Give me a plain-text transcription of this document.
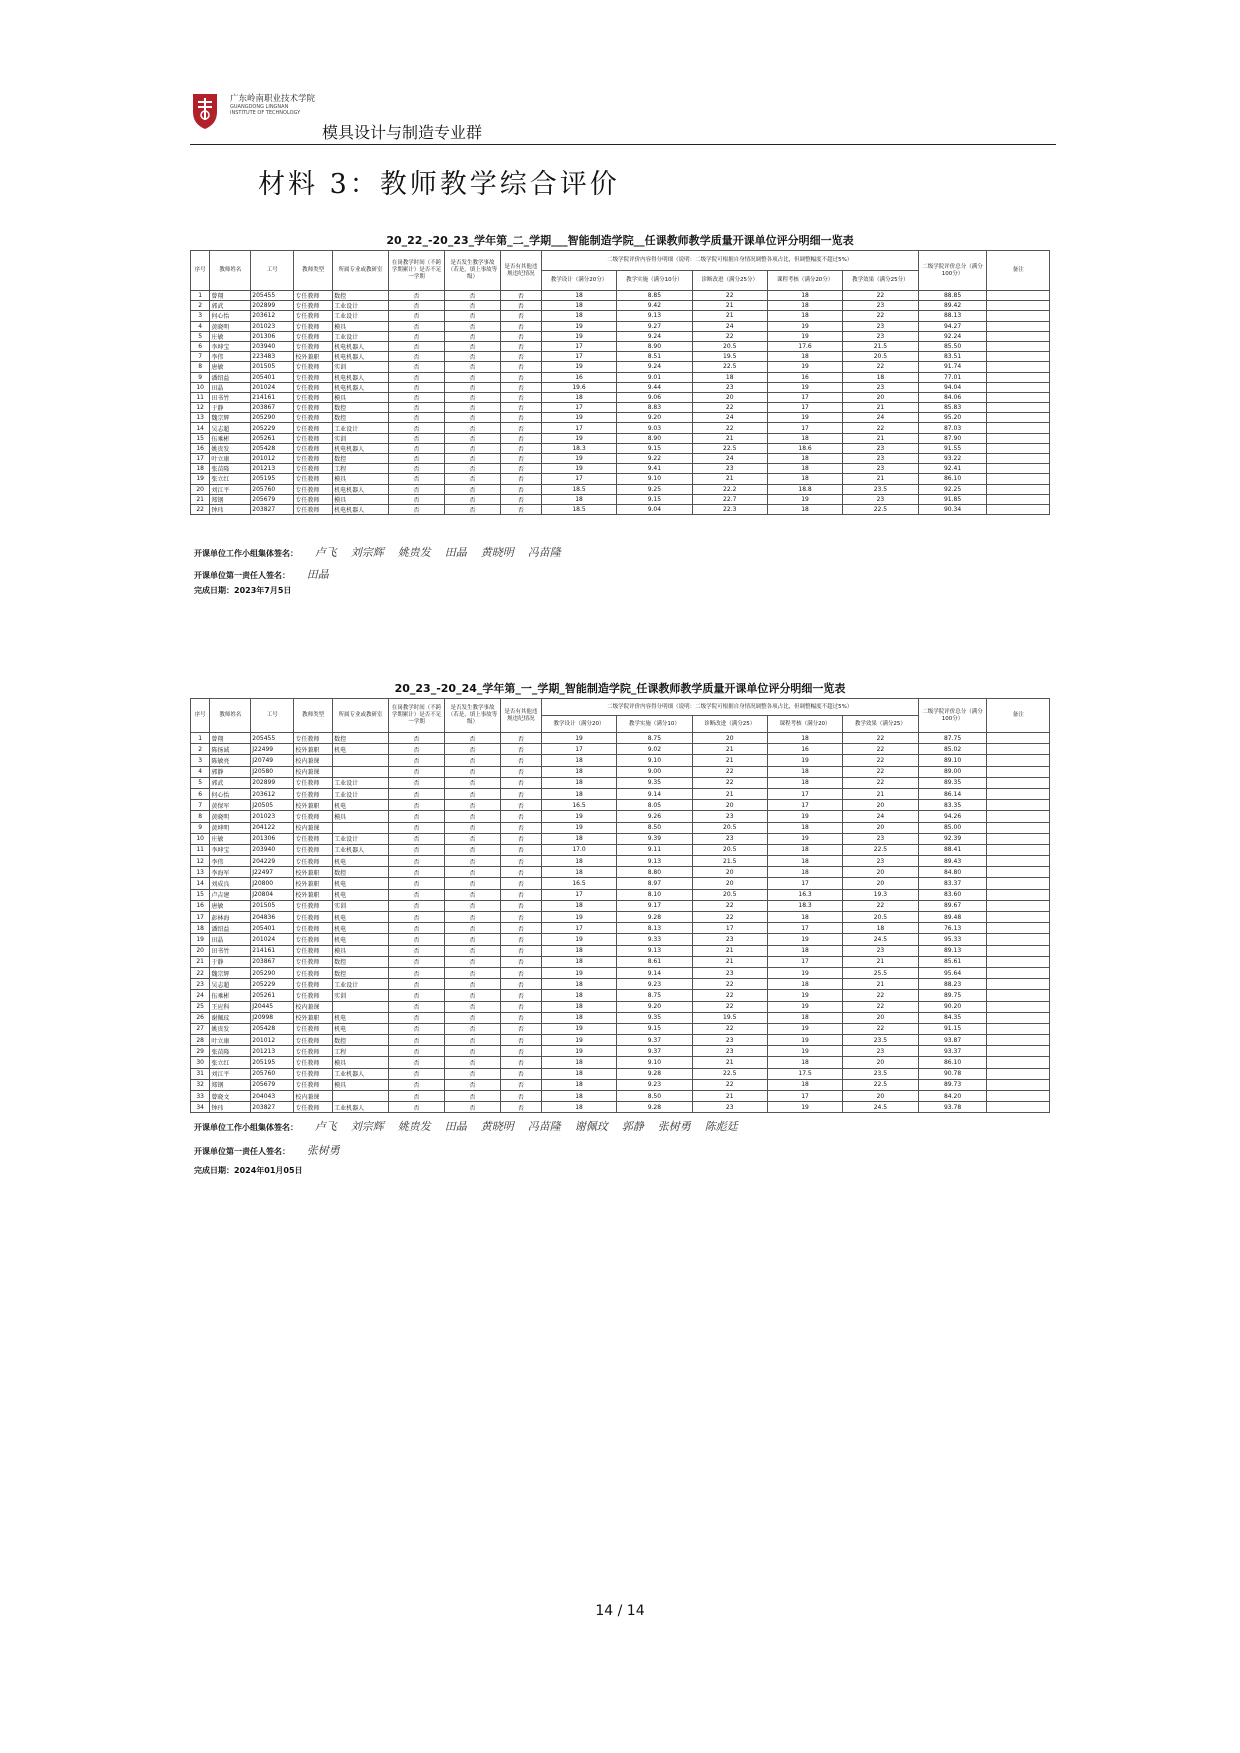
广东岭南职业技术学院
GUANGDONG LINGNAN
INSTITUTE OF TECHNOLOGY
模具设计与制造专业群
材料 3：教师教学综合评价
20_22_-20_23_学年第_二_学期___智能制造学院__任课教师教学质量开课单位评分明细一览表
序号	教师姓名	工号	教师类型	所属专业或教研室	在岗教学时间（不跨学期累计）是否不足一学期	是否发生教学事故（若是，填上事故等级）	是否有其他违规违纪情况	二级学院评价内容得分明细（说明：二级学院可根据自身情况调整各项占比，但调整幅度不超过5%）					二级学院评价总分（满分100分）	备注
								教学设计（满分20分）	教学实施（满分10分）	诊断改进（满分25分）	课程考核（满分20分）	教学效果（满分25分）		
1	曾翔	205455	专任教师	数控	否	否	否	18	8.85	22	18	22	88.85	
2	郭武	202899	专任教师	工业设计	否	否	否	18	9.42	21	18	23	89.42	
3	何心怡	203612	专任教师	工业设计	否	否	否	18	9.13	21	18	22	88.13	
4	黄晓明	201023	专任教师	模具	否	否	否	19	9.27	24	19	23	94.27	
5	庄敏	201306	专任教师	工业设计	否	否	否	19	9.24	22	19	23	92.24	
6	李坤宝	203940	专任教师	机电机器人	否	否	否	17	8.90	20.5	17.6	21.5	85.50	
7	李伟	223483	校外兼职	机电机器人	否	否	否	17	8.51	19.5	18	20.5	83.51	
8	唐敏	201505	专任教师	实训	否	否	否	19	9.24	22.5	19	22	91.74	
9	潘绍益	205401	专任教师	机电机器人	否	否	否	16	9.01	18	16	18	77.01	
10	田晶	201024	专任教师	机电机器人	否	否	否	19.6	9.44	23	19	23	94.04	
11	田书竹	214161	专任教师	模具	否	否	否	18	9.06	20	17	20	84.06	
12	于静	203867	专任教师	数控	否	否	否	17	8.83	22	17	21	85.83	
13	魏宗辉	205290	专任教师	数控	否	否	否	19	9.20	24	19	24	95.20	
14	吴志超	205229	专任教师	工业设计	否	否	否	17	9.03	22	17	22	87.03	
15	伍乘彬	205261	专任教师	实训	否	否	否	19	8.90	21	18	21	87.90	
16	姚贵发	205428	专任教师	机电机器人	否	否	否	18.3	9.15	22.5	18.6	23	91.55	
17	叶立康	201012	专任教师	数控	否	否	否	19	9.22	24	18	23	93.22	
18	张苗隆	201213	专任教师	工程	否	否	否	19	9.41	23	18	23	92.41	
19	张立红	205195	专任教师	模具	否	否	否	17	9.10	21	18	21	86.10	
20	刘江平	205760	专任教师	机电机器人	否	否	否	18.5	9.25	22.2	18.8	23.5	92.25	
21	郑钢	205679	专任教师	模具	否	否	否	18	9.15	22.7	19	23	91.85	
22	钟玮	203827	专任教师	机电机器人	否	否	否	18.5	9.04	22.3	18	22.5	90.34	
开课单位工作小组集体签名： 卢飞 刘宗辉 姚贵发 田晶 黄晓明 冯苗隆
开课单位第一责任人签名： 田晶
完成日期：2023年7月5日
20_23_-20_24_学年第_一_学期_智能制造学院_任课教师教学质量开课单位评分明细一览表
序号	教师姓名	工号	教师类型	所属专业或教研室	在岗教学时间（不跨学期累计）是否不足一学期	是否发生教学事故（若是，填上事故等级）	是否有其他违规违纪情况	二级学院评价内容得分明细（说明：二级学院可根据自身情况调整各项占比，但调整幅度不超过5%）					二级学院评价总分（满分100分）	备注
								教学设计（满分20）	教学实施（满分10）	诊断改进（满分25）	课程考核（满分20）	教学效果（满分25）		
1	曾翔	205455	专任教师	数控	否	否	否	19	8.75	20	18	22	87.75	
2	陈扬诚	J22499	校外兼职	机电	否	否	否	17	9.02	21	16	22	85.02	
3	陈敏亮	J20749	校内兼课		否	否	否	18	9.10	21	19	22	89.10	
4	郭静	J20580	校内兼课		否	否	否	18	9.00	22	18	22	89.00	
5	郭武	202899	专任教师	工业设计	否	否	否	18	9.35	22	18	22	89.35	
6	何心怡	203612	专任教师	工业设计	否	否	否	18	9.14	21	17	21	86.14	
7	黄保军	J20505	校外兼职	机电	否	否	否	16.5	8.05	20	17	20	83.35	
8	黄晓明	201023	专任教师	模具	否	否	否	19	9.26	23	19	24	94.26	
9	黄坤明	204122	校内兼课		否	否	否	19	8.50	20.5	18	20	85.00	
10	庄敏	201306	专任教师	工业设计	否	否	否	18	9.39	23	19	23	92.39	
11	李坤宝	203940	专任教师	工业机器人	否	否	否	17.0	9.11	20.5	18	22.5	88.41	
12	李伟	204229	专任教师	机电	否	否	否	18	9.13	21.5	18	23	89.43	
13	李海军	J22497	校外兼职	数控	否	否	否	18	8.80	20	18	20	84.80	
14	刘成良	J20800	校外兼职	机电	否	否	否	16.5	8.97	20	17	20	83.37	
15	卢吉建	J20804	校外兼职	机电	否	否	否	17	8.10	20.5	16.3	19.3	83.60	
16	唐敏	201505	专任教师	实训	否	否	否	18	9.17	22	18.3	22	89.67	
17	彭林海	204836	专任教师	机电	否	否	否	19	9.28	22	18	20.5	89.48	
18	潘绍益	205401	专任教师	机电	否	否	否	17	8.13	17	17	18	76.13	
19	田晶	201024	专任教师	机电	否	否	否	19	9.33	23	19	24.5	95.33	
20	田书竹	214161	专任教师	模具	否	否	否	18	9.13	21	18	23	89.13	
21	于静	203867	专任教师	数控	否	否	否	18	8.61	21	17	21	85.61	
22	魏宗辉	205290	专任教师	数控	否	否	否	19	9.14	23	19	25.5	95.64	
23	吴志超	205229	专任教师	工业设计	否	否	否	18	9.23	22	18	21	88.23	
24	伍乘彬	205261	专任教师	实训	否	否	否	18	8.75	22	19	22	89.75	
25	王应科	J20445	校内兼课		否	否	否	18	9.20	22	19	22	90.20	
26	谢佩玟	J20998	校外兼职	机电	否	否	否	18	9.35	19.5	18	20	84.35	
27	姚贵发	205428	专任教师	机电	否	否	否	19	9.15	22	19	22	91.15	
28	叶立康	201012	专任教师	数控	否	否	否	19	9.37	23	19	23.5	93.87	
29	张苗隆	201213	专任教师	工程	否	否	否	19	9.37	23	19	23	93.37	
30	张立红	205195	专任教师	模具	否	否	否	18	9.10	21	18	20	86.10	
31	刘江平	205760	专任教师	工业机器人	否	否	否	18	9.28	22.5	17.5	23.5	90.78	
32	郑钢	205679	专任教师	模具	否	否	否	18	9.23	22	18	22.5	89.73	
33	曾晓文	204043	校内兼课		否	否	否	18	8.50	21	17	20	84.20	
34	钟玮	203827	专任教师	工业机器人	否	否	否	18	9.28	23	19	24.5	93.78	
开课单位工作小组集体签名： 卢飞 刘宗辉 姚贵发 田晶 黄晓明 冯苗隆 谢佩玟 郭静 张树勇 陈彪廷
开课单位第一责任人签名： 张树勇
完成日期：2024年01月05日
14 / 14
